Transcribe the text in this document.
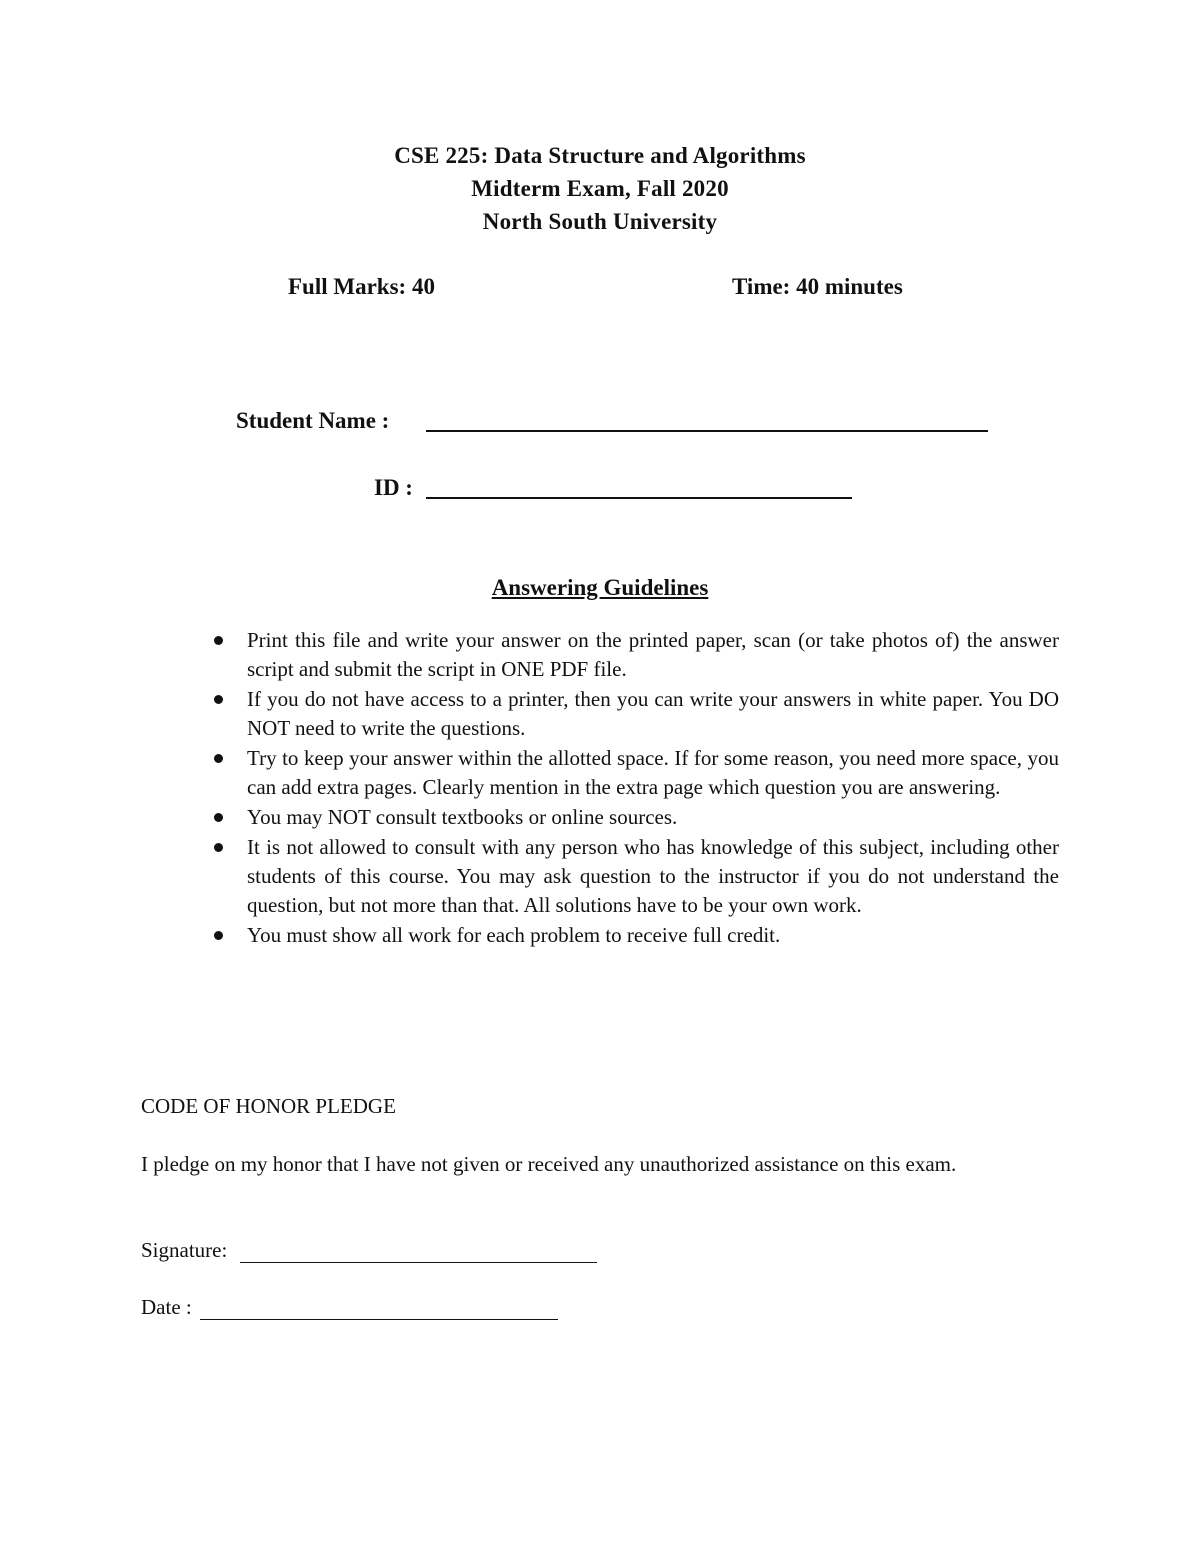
CSE 225: Data Structure and Algorithms
Midterm Exam, Fall 2020
North South University
Full Marks: 40	Time: 40 minutes
Student Name :
ID :
Answering Guidelines
Print this file and write your answer on the printed paper, scan (or take photos of) the answer script and submit the script in ONE PDF file.
If you do not have access to a printer, then you can write your answers in white paper. You DO NOT need to write the questions.
Try to keep your answer within the allotted space. If for some reason, you need more space, you can add extra pages. Clearly mention in the extra page which question you are answering.
You may NOT consult textbooks or online sources.
It is not allowed to consult with any person who has knowledge of this subject, including other students of this course. You may ask question to the instructor if you do not understand the question, but not more than that. All solutions have to be your own work.
You must show all work for each problem to receive full credit.
CODE OF HONOR PLEDGE
I pledge on my honor that I have not given or received any unauthorized assistance on this exam.
Signature:
Date :
